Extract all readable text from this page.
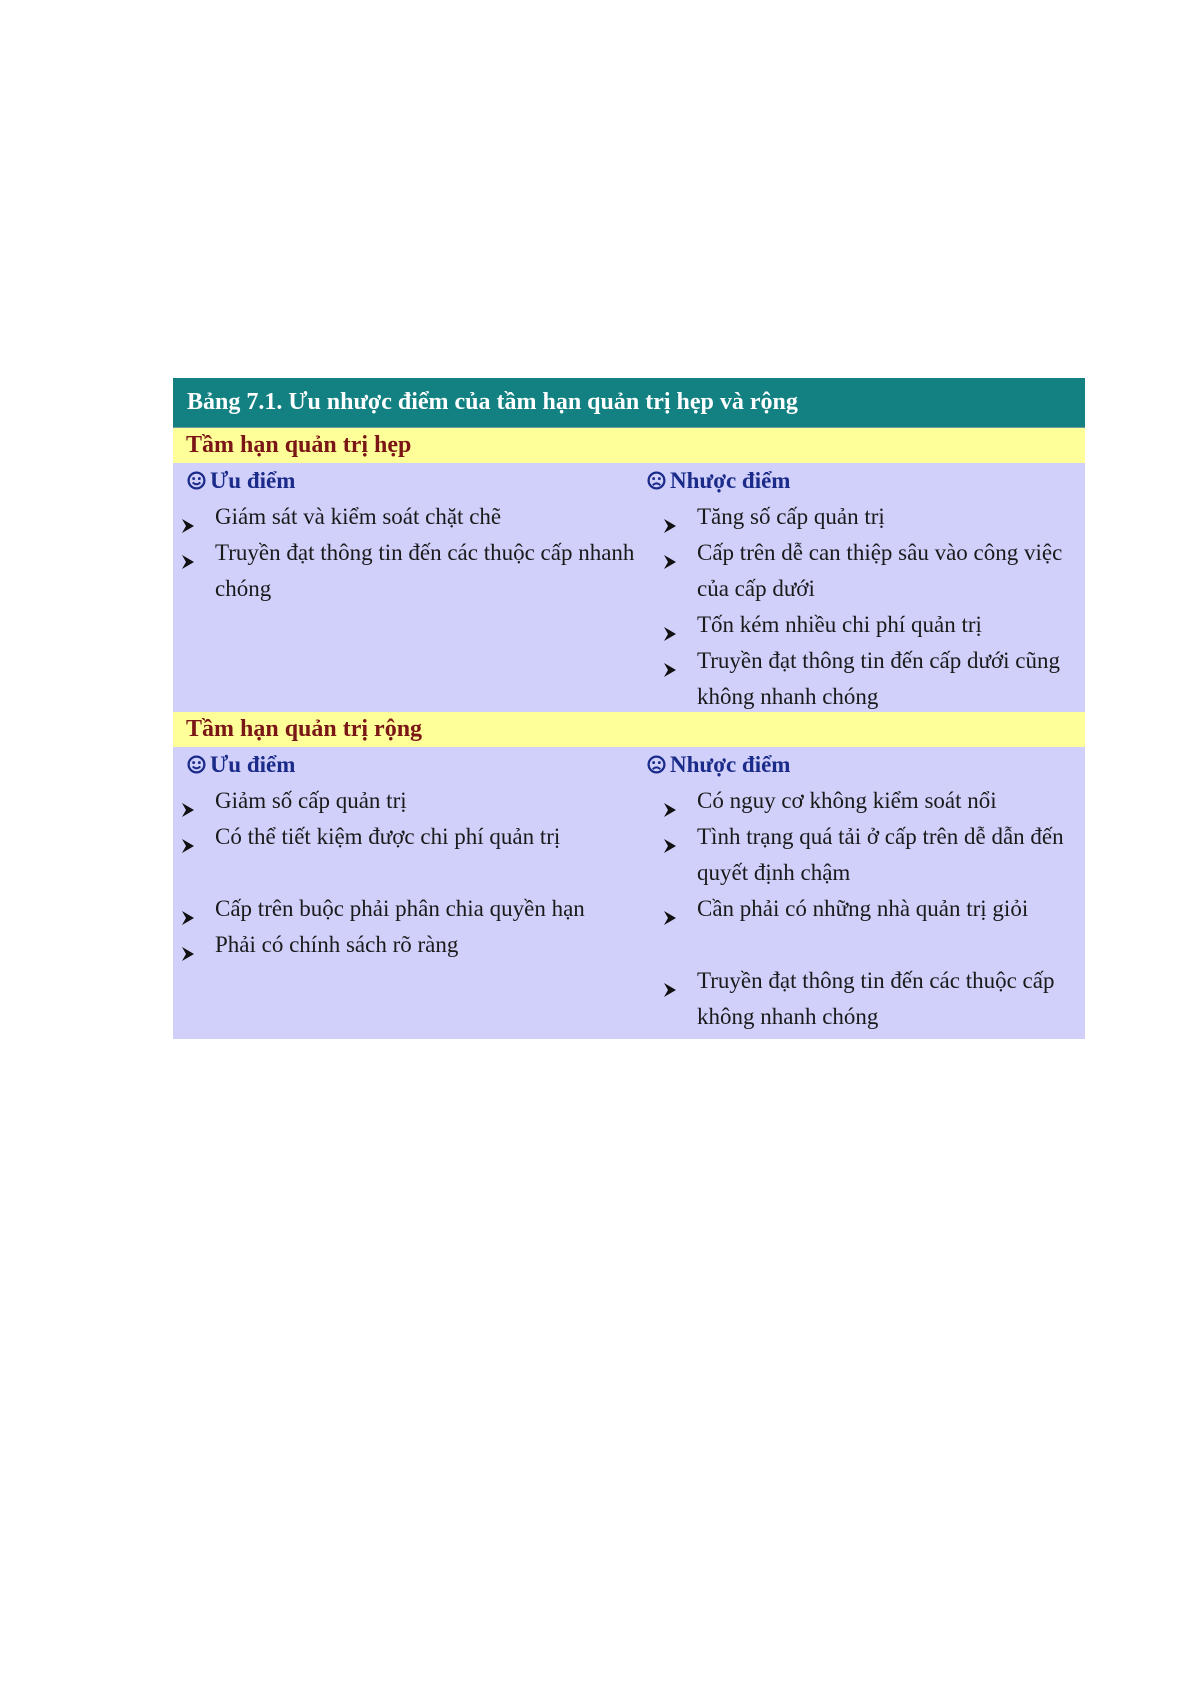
Bảng 7.1. Ưu nhược điểm của tầm hạn quản trị hẹp và rộng
Tầm hạn quản trị hẹp
Ưu điểm
Giám sát và kiểm soát chặt chẽ
Truyền đạt thông tin đến các thuộc cấp nhanh chóng
Nhược điểm
Tăng số cấp quản trị
Cấp trên dễ can thiệp sâu vào công việc của cấp dưới
Tốn kém nhiều chi phí quản trị
Truyền đạt thông tin đến cấp dưới cũng không nhanh chóng
Tầm hạn quản trị rộng
Ưu điểm
Giảm số cấp quản trị
Có thể tiết kiệm được chi phí quản trị
Cấp trên buộc phải phân chia quyền hạn
Phải có chính sách rõ ràng
Nhược điểm
Có nguy cơ không kiểm soát nổi
Tình trạng quá tải ở cấp trên dễ dẫn đến quyết định chậm
Cần phải có những nhà quản trị giỏi
Truyền đạt thông tin đến các thuộc cấp không nhanh chóng
